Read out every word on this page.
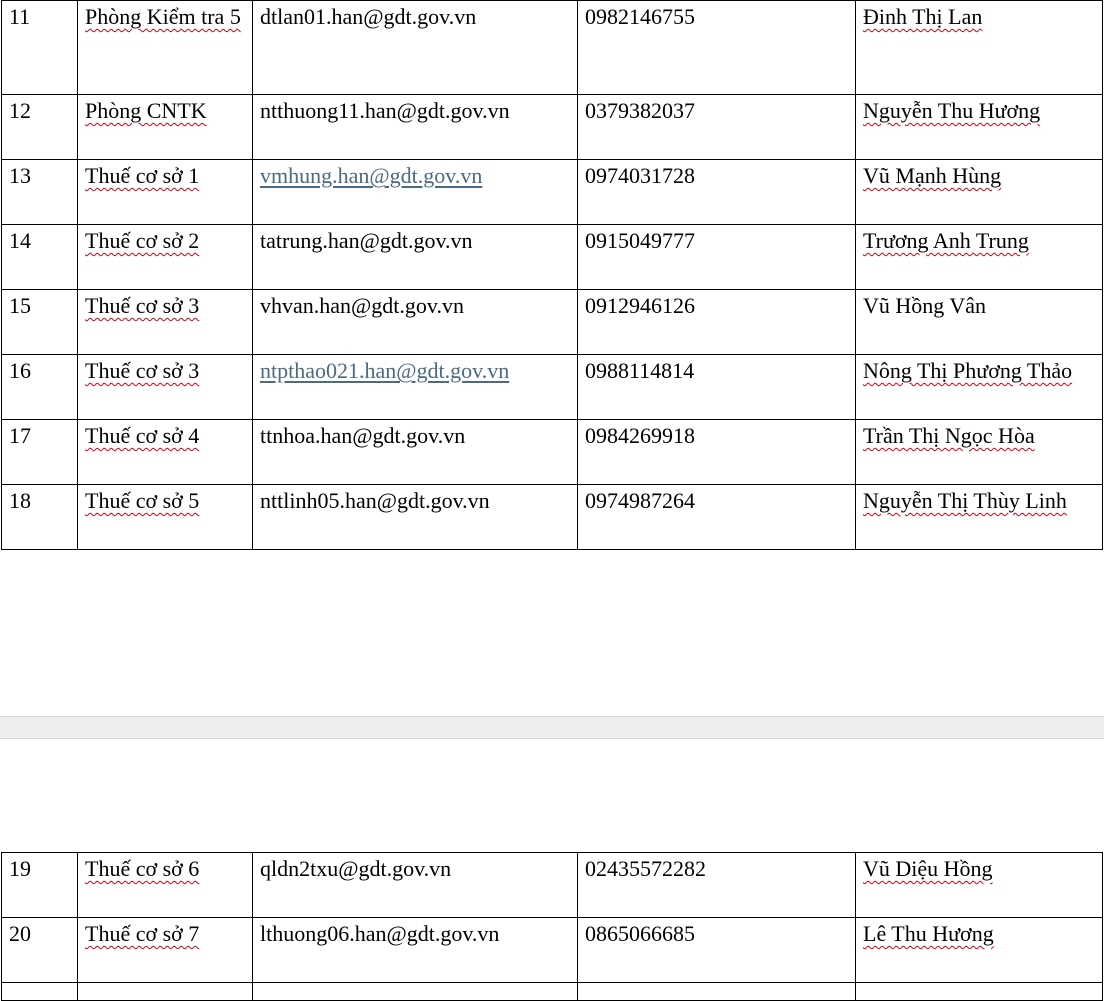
11	Phòng Kiểm tra 5	dtlan01.han@gdt.gov.vn	0982146755	Đinh Thị Lan
12	Phòng CNTK	ntthuong11.han@gdt.gov.vn	0379382037	Nguyễn Thu Hương
13	Thuế cơ sở 1	vmhung.han@gdt.gov.vn	0974031728	Vũ Mạnh Hùng
14	Thuế cơ sở 2	tatrung.han@gdt.gov.vn	0915049777	Trương Anh Trung
15	Thuế cơ sở 3	vhvan.han@gdt.gov.vn	0912946126	Vũ Hồng Vân
16	Thuế cơ sở 3	ntpthao021.han@gdt.gov.vn	0988114814	Nông Thị Phương Thảo
17	Thuế cơ sở 4	ttnhoa.han@gdt.gov.vn	0984269918	Trần Thị Ngọc Hòa
18	Thuế cơ sở 5	nttlinh05.han@gdt.gov.vn	0974987264	Nguyễn Thị Thùy Linh
19	Thuế cơ sở 6	qldn2txu@gdt.gov.vn	02435572282	Vũ Diệu Hồng
20	Thuế cơ sở 7	lthuong06.han@gdt.gov.vn	0865066685	Lê Thu Hương
